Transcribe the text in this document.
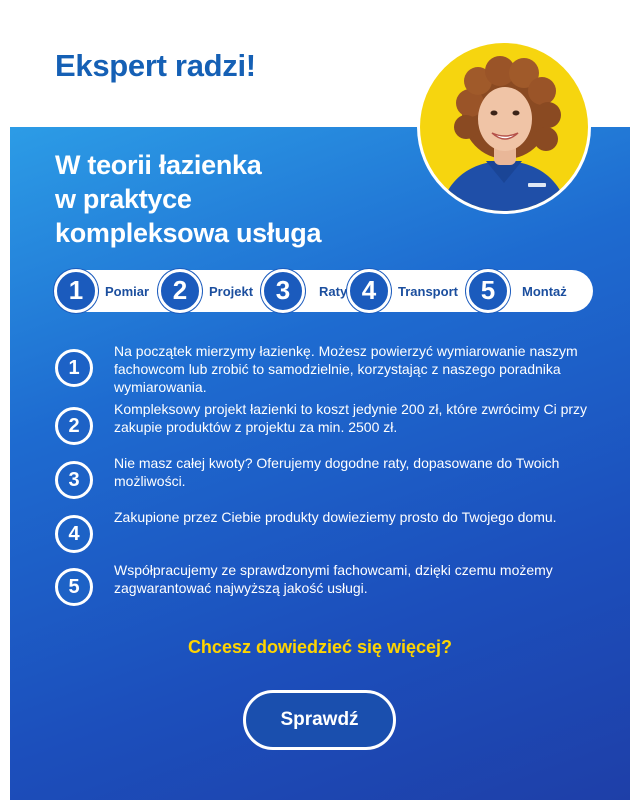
Ekspert radzi!
W teorii łazienka
w praktyce
kompleksowa usługa
1	Pomiar 2	Projekt 3	Raty 4	Transport 5	Montaż
1
Na początek mierzymy łazienkę. Możesz powierzyć wymiarowanie naszym fachowcom lub zrobić to samodzielnie, korzystając z naszego poradnika wymiarowania.
2
Kompleksowy projekt łazienki to koszt jedynie 200 zł, które zwrócimy Ci przy zakupie produktów z projektu za min. 2500 zł.
3
Nie masz całej kwoty? Oferujemy dogodne raty, dopasowane do Twoich możliwości.
4
Zakupione przez Ciebie produkty dowieziemy prosto do Twojego domu.
5
Współpracujemy ze sprawdzonymi fachowcami, dzięki czemu możemy zagwarantować najwyższą jakość usługi.
Chcesz dowiedzieć się więcej?
Sprawdź
